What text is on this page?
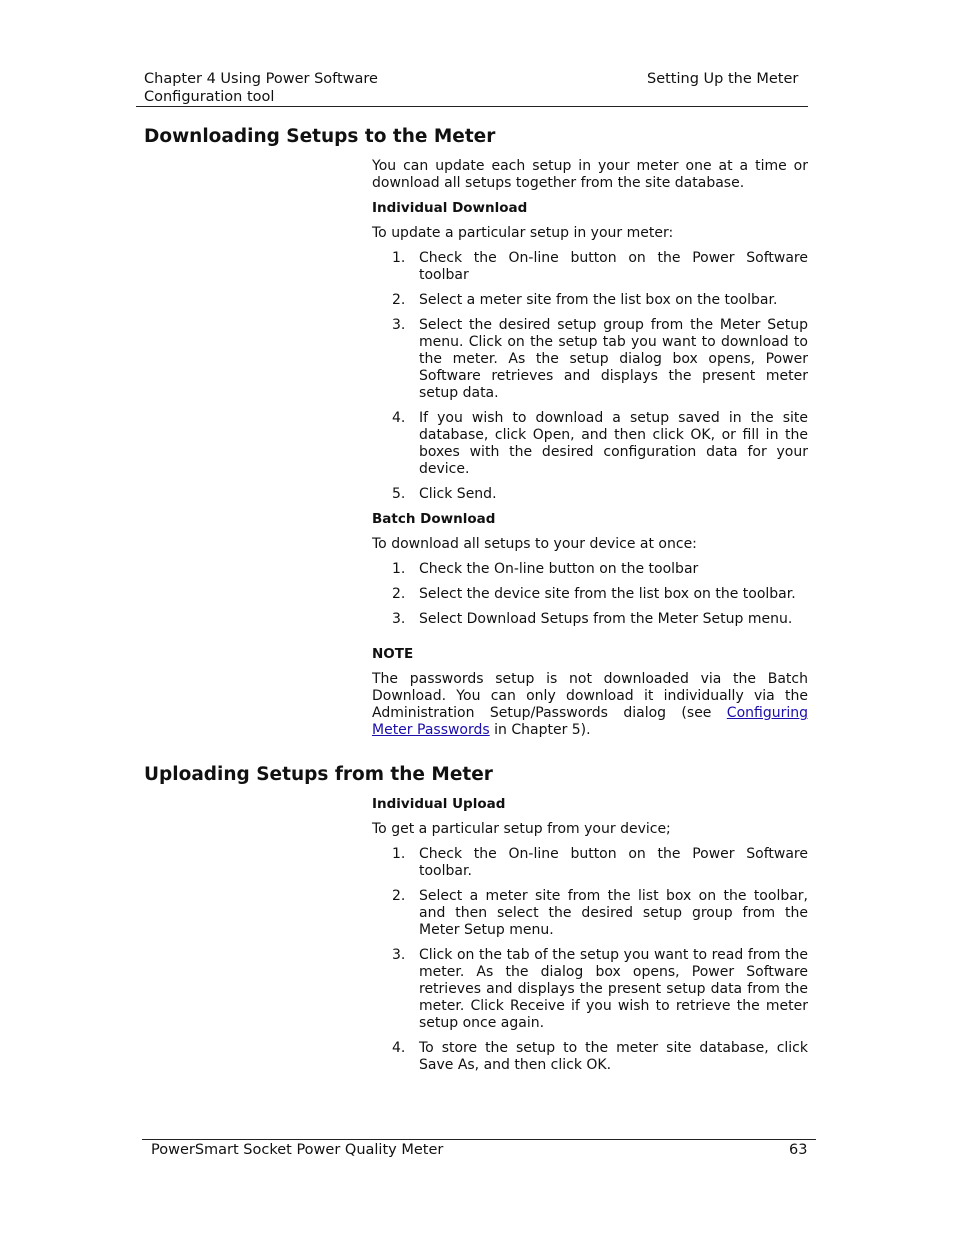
Chapter 4 Using Power Software
Configuration tool
Setting Up the Meter
Downloading Setups to the Meter

You can update each setup in your meter one at a time or download all setups together from the site database.

Individual Download

To update a particular setup in your meter:

1. Check the On-line button on the Power Software toolbar
2. Select a meter site from the list box on the toolbar.
3. Select the desired setup group from the Meter Setup menu. Click on the setup tab you want to download to the meter. As the setup dialog box opens, Power Software retrieves and displays the present meter setup data.
4. If you wish to download a setup saved in the site database, click Open, and then click OK, or fill in the boxes with the desired configuration data for your device.
5. Click Send.

Batch Download

To download all setups to your device at once:

1. Check the On-line button on the toolbar
2. Select the device site from the list box on the toolbar.
3. Select Download Setups from the Meter Setup menu.

NOTE

The passwords setup is not downloaded via the Batch Download. You can only download it individually via the Administration Setup/Passwords dialog (see Configuring Meter Passwords in Chapter 5).

Uploading Setups from the Meter

Individual Upload

To get a particular setup from your device;

1. Check the On-line button on the Power Software toolbar.
2. Select a meter site from the list box on the toolbar, and then select the desired setup group from the Meter Setup menu.
3. Click on the tab of the setup you want to read from the meter. As the dialog box opens, Power Software retrieves and displays the present setup data from the meter. Click Receive if you wish to retrieve the meter setup once again.
4. To store the setup to the meter site database, click Save As, and then click OK.
PowerSmart Socket Power Quality Meter	63
